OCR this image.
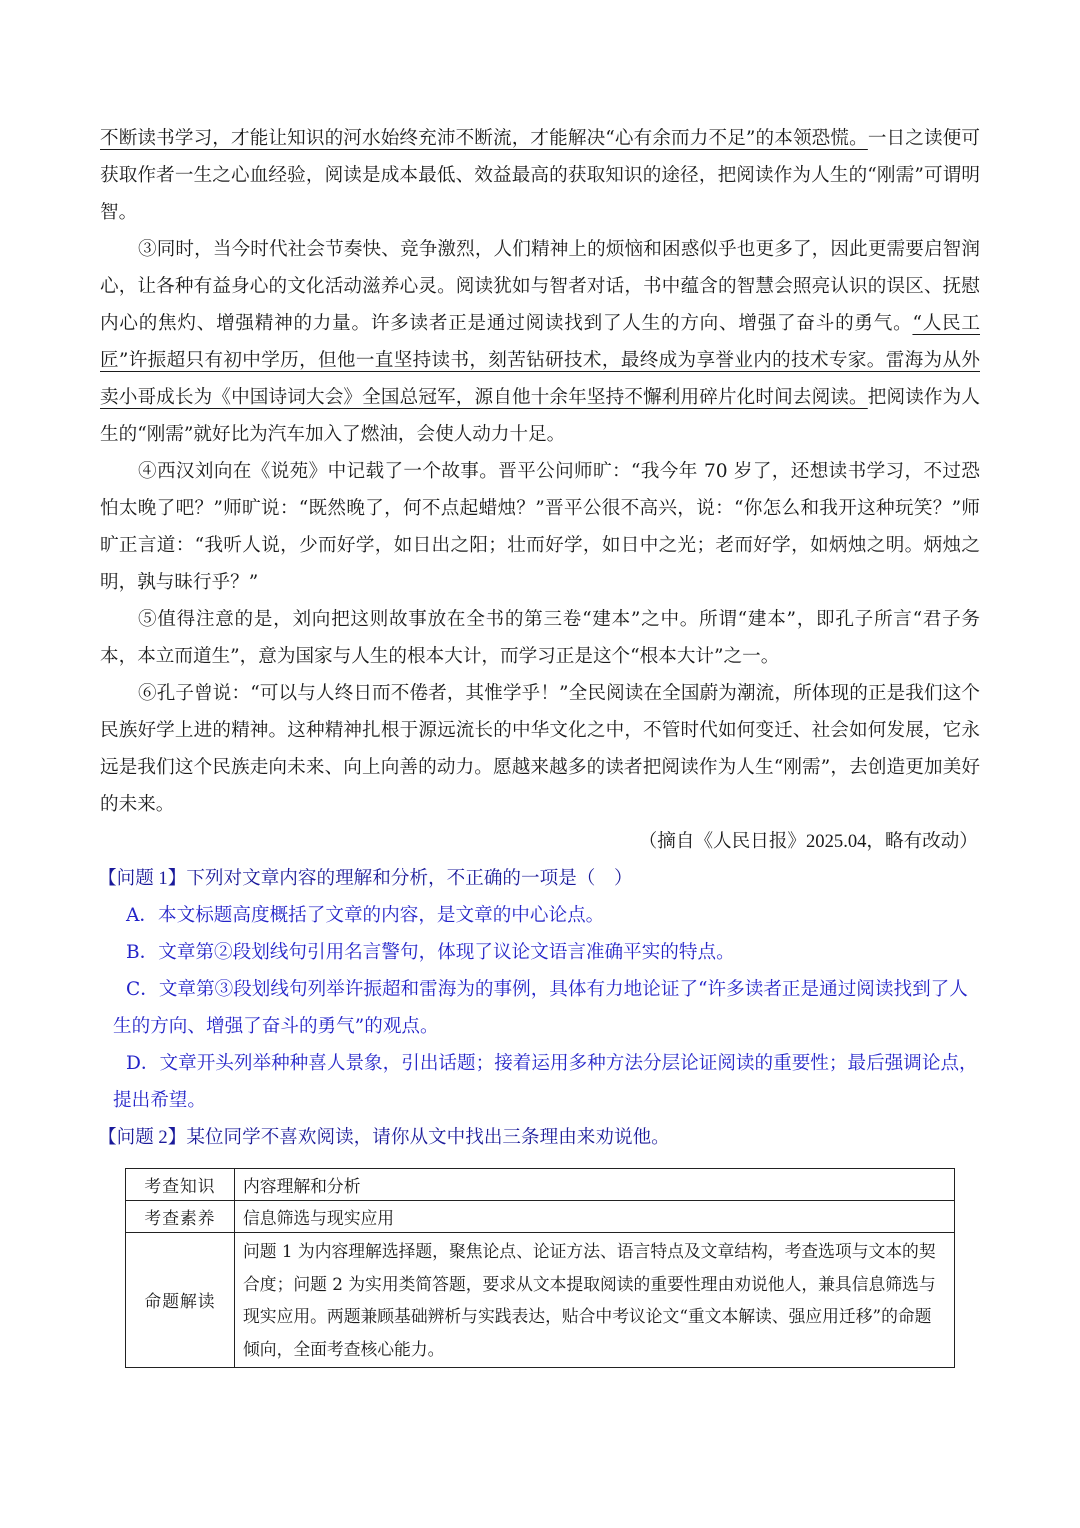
不断读书学习，才能让知识的河水始终充沛不断流，才能解决“心有余而力不足”的本领恐慌。一日之读便可获取作者一生之心血经验，阅读是成本最低、效益最高的获取知识的途径，把阅读作为人生的“刚需”可谓明智。

③同时，当今时代社会节奏快、竞争激烈，人们精神上的烦恼和困惑似乎也更多了，因此更需要启智润心，让各种有益身心的文化活动滋养心灵。阅读犹如与智者对话，书中蕴含的智慧会照亮认识的误区、抚慰内心的焦灼、增强精神的力量。许多读者正是通过阅读找到了人生的方向、增强了奋斗的勇气。“人民工匠”许振超只有初中学历，但他一直坚持读书，刻苦钻研技术，最终成为享誉业内的技术专家。雷海为从外卖小哥成长为《中国诗词大会》全国总冠军，源自他十余年坚持不懈利用碎片化时间去阅读。把阅读作为人生的“刚需”就好比为汽车加入了燃油，会使人动力十足。

④西汉刘向在《说苑》中记载了一个故事。晋平公问师旷：“我今年 70 岁了，还想读书学习，不过恐怕太晚了吧？”师旷说：“既然晚了，何不点起蜡烛？”晋平公很不高兴，说：“你怎么和我开这种玩笑？”师旷正言道：“我听人说，少而好学，如日出之阳；壮而好学，如日中之光；老而好学，如炳烛之明。炳烛之明，孰与昧行乎？”

⑤值得注意的是，刘向把这则故事放在全书的第三卷“建本”之中。所谓“建本”，即孔子所言“君子务本，本立而道生”，意为国家与人生的根本大计，而学习正是这个“根本大计”之一。

⑥孔子曾说：“可以与人终日而不倦者，其惟学乎！”全民阅读在全国蔚为潮流，所体现的正是我们这个民族好学上进的精神。这种精神扎根于源远流长的中华文化之中，不管时代如何变迁、社会如何发展，它永远是我们这个民族走向未来、向上向善的动力。愿越来越多的读者把阅读作为人生“刚需”，去创造更加美好的未来。

（摘自《人民日报》2025.04，略有改动）

【问题 1】下列对文章内容的理解和分析，不正确的一项是（　）

A．本文标题高度概括了文章的内容，是文章的中心论点。

B．文章第②段划线句引用名言警句，体现了议论文语言准确平实的特点。

C．文章第③段划线句列举许振超和雷海为的事例，具体有力地论证了“许多读者正是通过阅读找到了人

生的方向、增强了奋斗的勇气”的观点。

D．文章开头列举种种喜人景象，引出话题；接着运用多种方法分层论证阅读的重要性；最后强调论点，

提出希望。

【问题 2】某位同学不喜欢阅读，请你从文中找出三条理由来劝说他。

考查知识	内容理解和分析
考查素养	信息筛选与现实应用
命题解读	问题 1 为内容理解选择题，聚焦论点、论证方法、语言特点及文章结构，考查选项与文本的契合度；问题 2 为实用类简答题，要求从文本提取阅读的重要性理由劝说他人，兼具信息筛选与现实应用。两题兼顾基础辨析与实践表达，贴合中考议论文“重文本解读、强应用迁移”的命题倾向，全面考查核心能力。
